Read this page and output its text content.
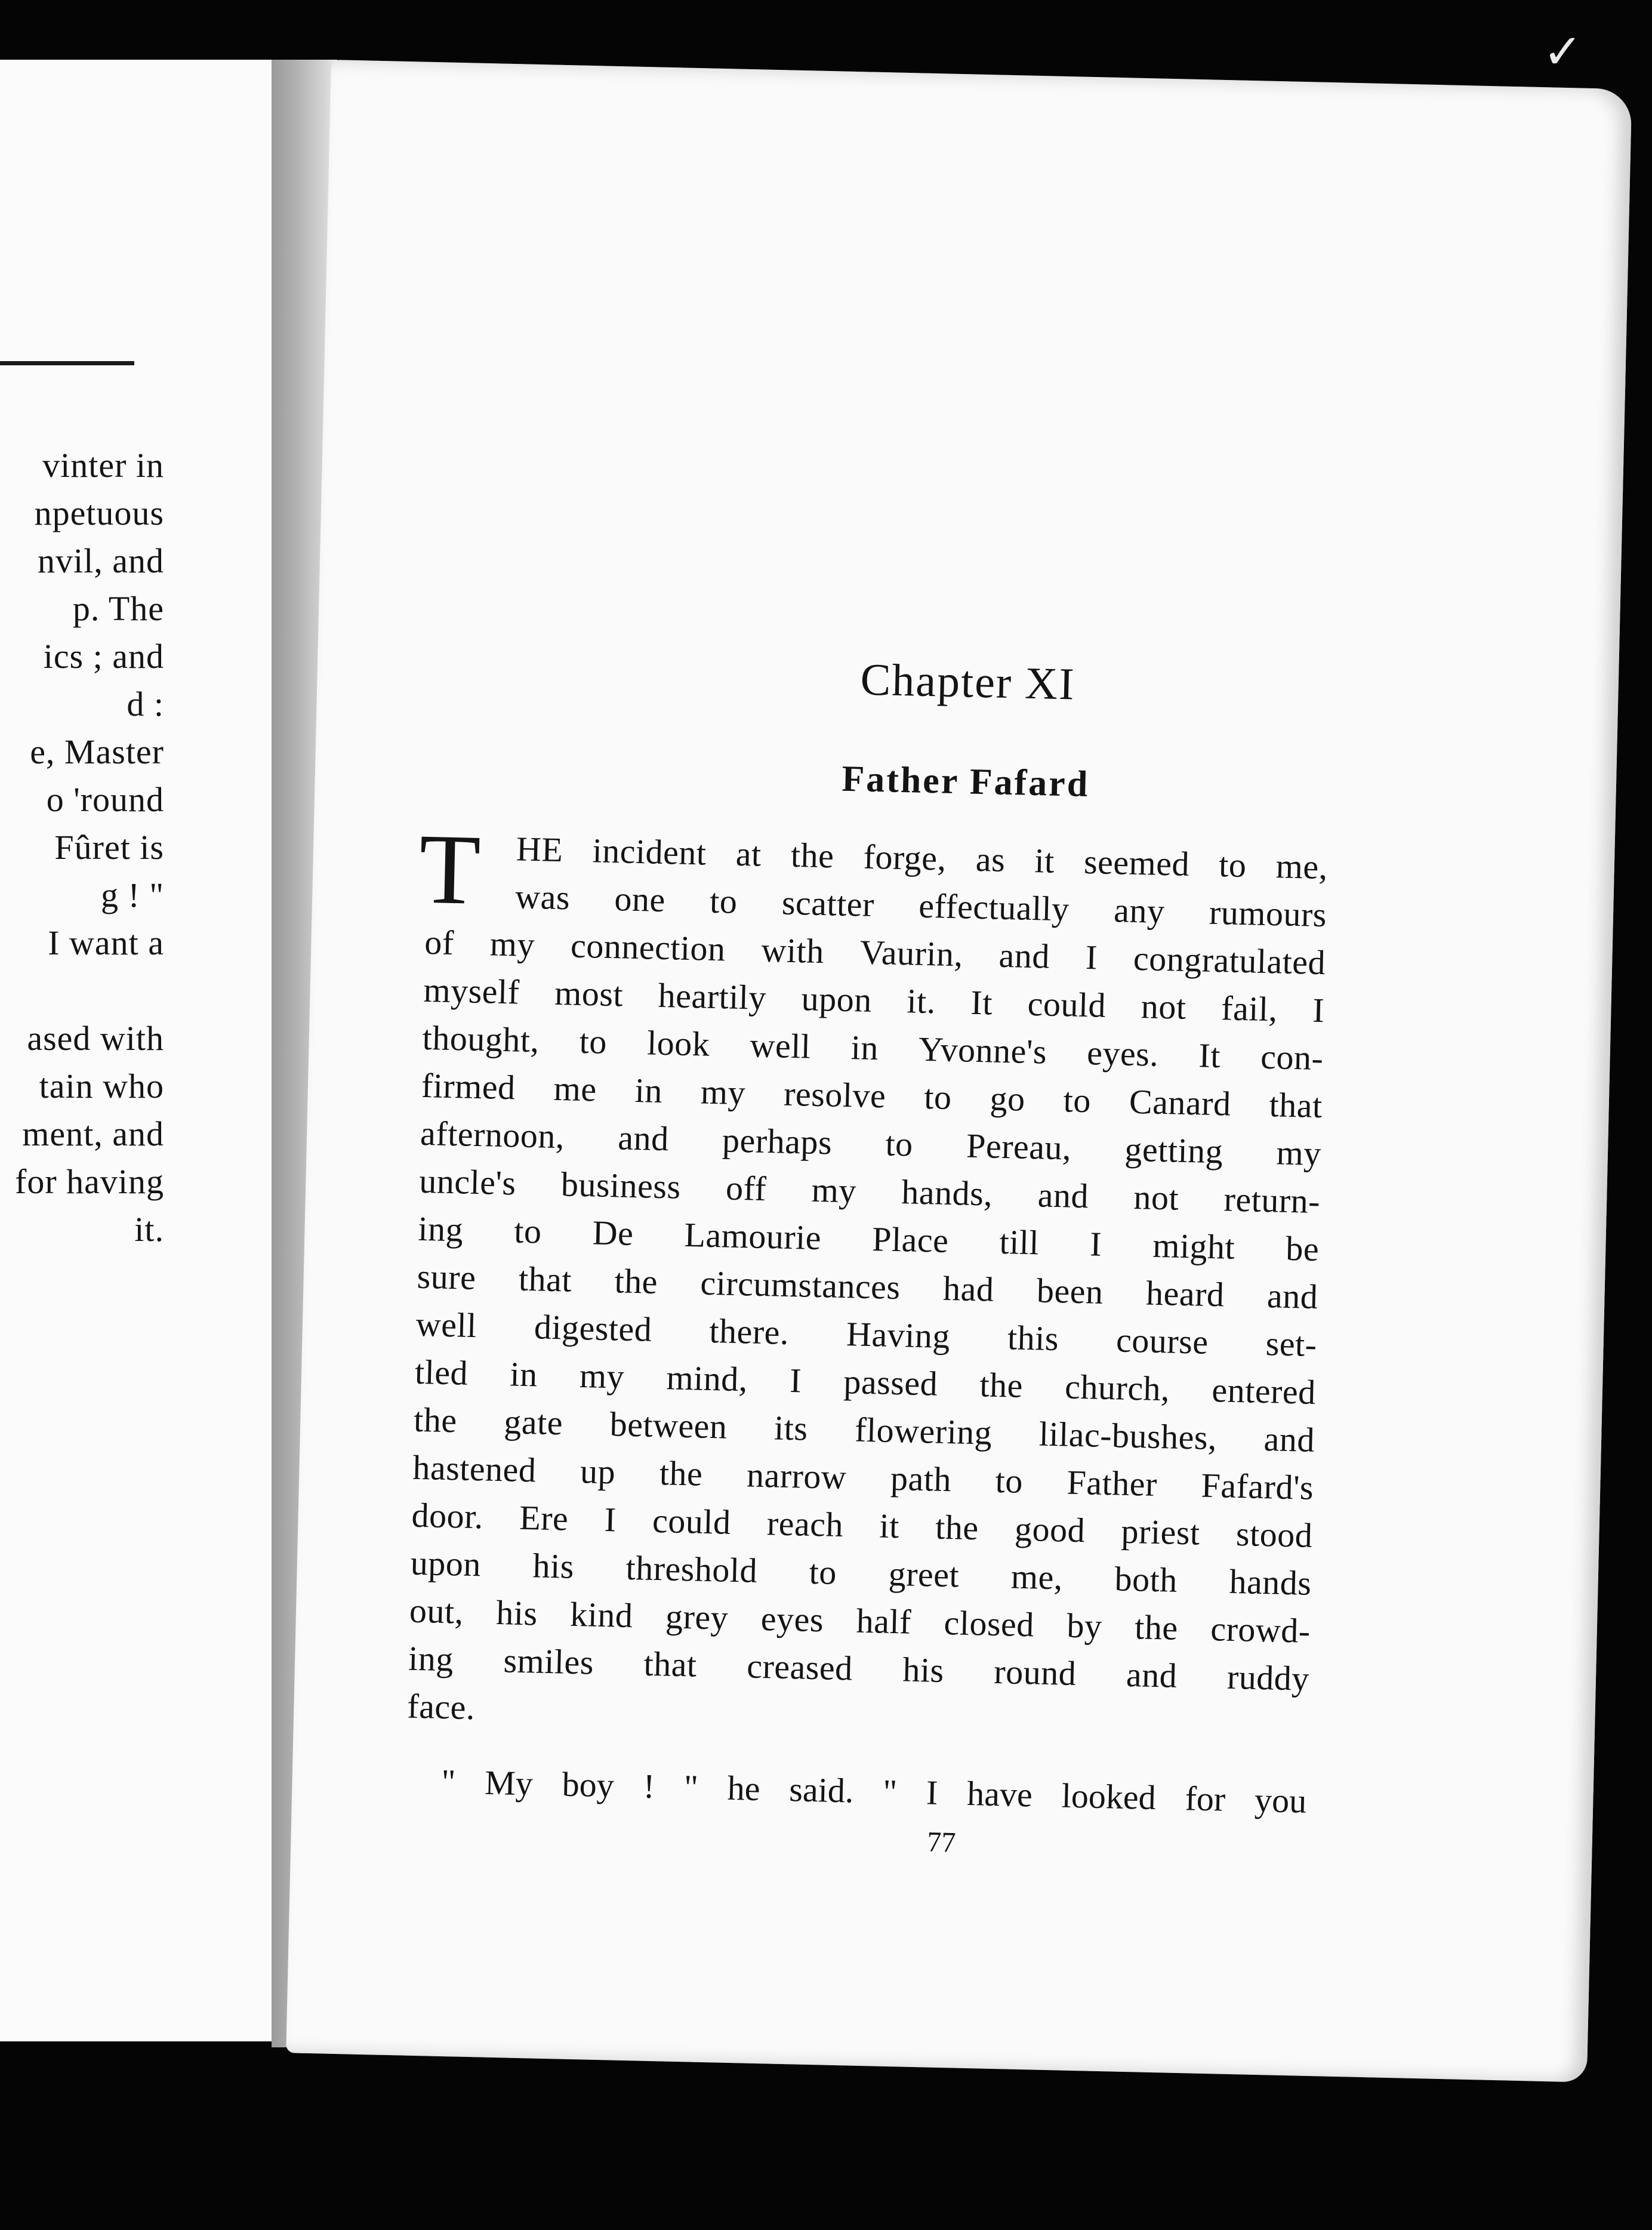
vinter in
npetuous
nvil, and
p. The
ics ; and
d :
e, Master
o 'round
Fûret is
g ! "
I want a
ased with
tain who
ment, and
for having
it.
Chapter XI
Father Fafard
T HE incident at the forge, as it seemed to me,
was one to scatter effectually any rumours
of my connection with Vaurin, and I congratulated
myself most heartily upon it. It could not fail, I
thought, to look well in Yvonne's eyes. It con-
firmed me in my resolve to go to Canard that
afternoon, and perhaps to Pereau, getting my
uncle's business off my hands, and not return-
ing to De Lamourie Place till I might be
sure that the circumstances had been heard and
well digested there. Having this course set-
tled in my mind, I passed the church, entered
the gate between its flowering lilac-bushes, and
hastened up the narrow path to Father Fafard's
door. Ere I could reach it the good priest stood
upon his threshold to greet me, both hands
out, his kind grey eyes half closed by the crowd-
ing smiles that creased his round and ruddy
face.
" My boy ! " he said. " I have looked for you
77
✓
